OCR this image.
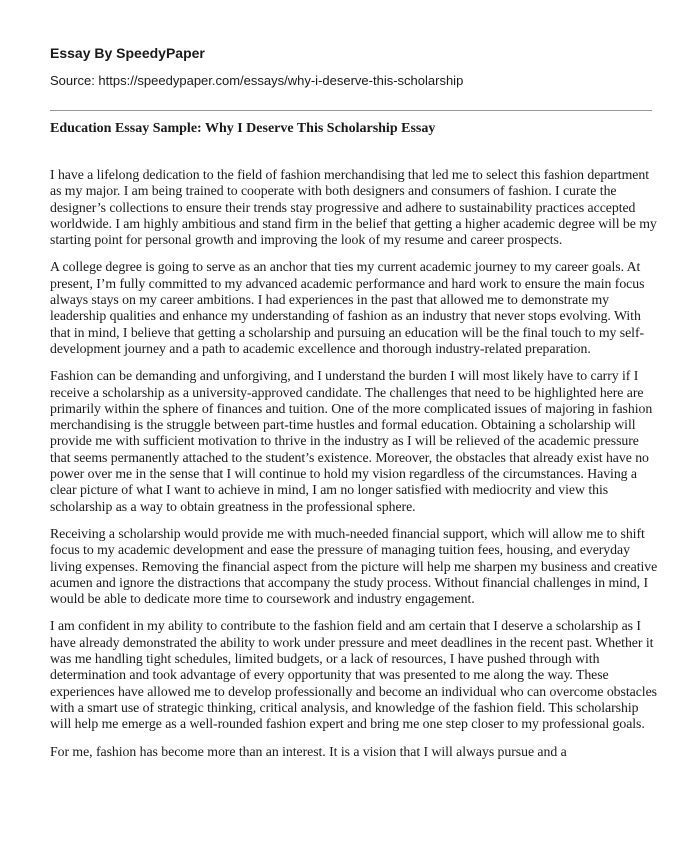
Essay By SpeedyPaper

Source: https://speedypaper.com/essays/why-i-deserve-this-scholarship

Education Essay Sample: Why I Deserve This Scholarship Essay

I have a lifelong dedication to the field of fashion merchandising that led me to select this fashion department as my major. I am being trained to cooperate with both designers and consumers of fashion. I curate the designer’s collections to ensure their trends stay progressive and adhere to sustainability practices accepted worldwide. I am highly ambitious and stand firm in the belief that getting a higher academic degree will be my starting point for personal growth and improving the look of my resume and career prospects.

A college degree is going to serve as an anchor that ties my current academic journey to my career goals. At present, I’m fully committed to my advanced academic performance and hard work to ensure the main focus always stays on my career ambitions. I had experiences in the past that allowed me to demonstrate my leadership qualities and enhance my understanding of fashion as an industry that never stops evolving. With that in mind, I believe that getting a scholarship and pursuing an education will be the final touch to my self-development journey and a path to academic excellence and thorough industry-related preparation.

Fashion can be demanding and unforgiving, and I understand the burden I will most likely have to carry if I receive a scholarship as a university-approved candidate. The challenges that need to be highlighted here are primarily within the sphere of finances and tuition. One of the more complicated issues of majoring in fashion merchandising is the struggle between part-time hustles and formal education. Obtaining a scholarship will provide me with sufficient motivation to thrive in the industry as I will be relieved of the academic pressure that seems permanently attached to the student’s existence. Moreover, the obstacles that already exist have no power over me in the sense that I will continue to hold my vision regardless of the circumstances. Having a clear picture of what I want to achieve in mind, I am no longer satisfied with mediocrity and view this scholarship as a way to obtain greatness in the professional sphere.

Receiving a scholarship would provide me with much-needed financial support, which will allow me to shift focus to my academic development and ease the pressure of managing tuition fees, housing, and everyday living expenses. Removing the financial aspect from the picture will help me sharpen my business and creative acumen and ignore the distractions that accompany the study process. Without financial challenges in mind, I would be able to dedicate more time to coursework and industry engagement.

I am confident in my ability to contribute to the fashion field and am certain that I deserve a scholarship as I have already demonstrated the ability to work under pressure and meet deadlines in the recent past. Whether it was me handling tight schedules, limited budgets, or a lack of resources, I have pushed through with determination and took advantage of every opportunity that was presented to me along the way. These experiences have allowed me to develop professionally and become an individual who can overcome obstacles with a smart use of strategic thinking, critical analysis, and knowledge of the fashion field. This scholarship will help me emerge as a well-rounded fashion expert and bring me one step closer to my professional goals.

For me, fashion has become more than an interest. It is a vision that I will always pursue and a
